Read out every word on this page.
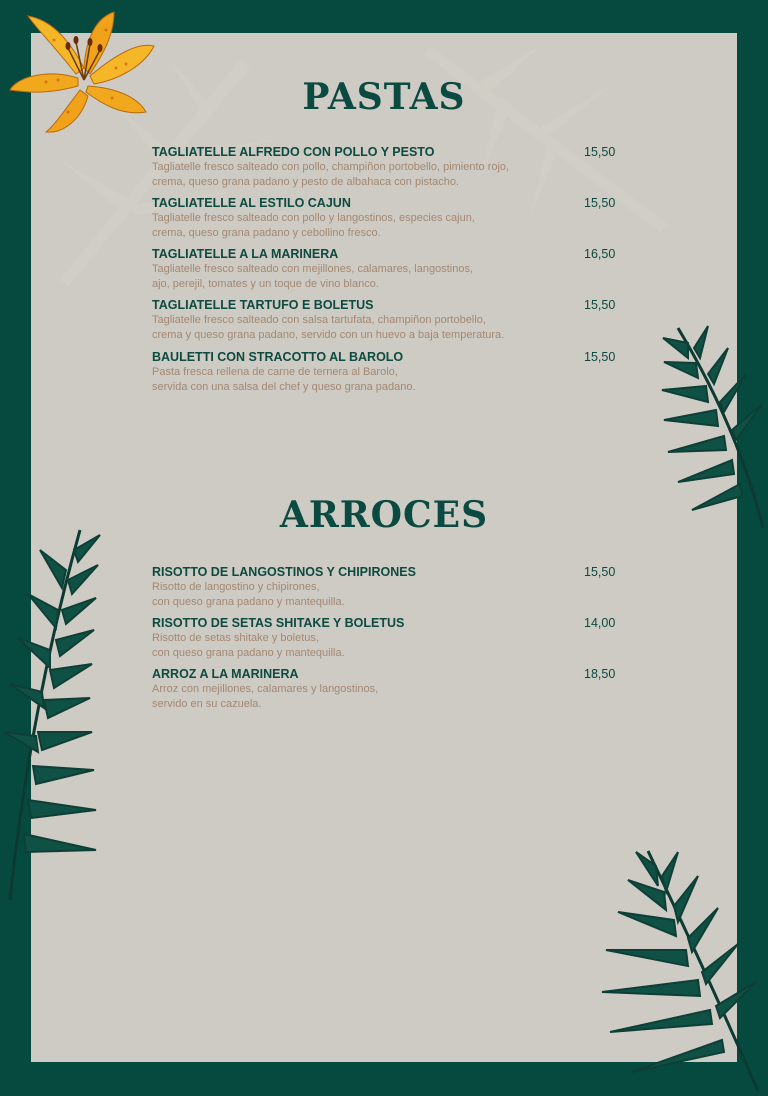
PASTAS
TAGLIATELLE ALFREDO CON POLLO Y PESTO
Tagliatelle fresco salteado con pollo, champiñon portobello, pimiento rojo,
crema, queso grana padano y pesto de albahaca con pistacho.
15,50
TAGLIATELLE AL ESTILO CAJUN
Tagliatelle fresco salteado con pollo y langostinos, especies cajun,
crema, queso grana padano y cebollino fresco.
15,50
TAGLIATELLE A LA MARINERA
Tagliatelle fresco salteado con mejillones, calamares, langostinos,
ajo, perejil, tomates y un toque de vino blanco.
16,50
TAGLIATELLE TARTUFO E BOLETUS
Tagliatelle fresco salteado con salsa tartufata, champiñon portobello,
crema y queso grana padano, servido con un huevo a baja temperatura.
15,50
BAULETTI CON STRACOTTO AL BAROLO
Pasta fresca rellena de carne de ternera al Barolo,
servida con una salsa del chef y queso grana padano.
15,50
ARROCES
RISOTTO DE LANGOSTINOS Y CHIPIRONES
Risotto de langostino y chipirones,
con queso grana padano y mantequilla.
15,50
RISOTTO DE SETAS SHITAKE Y BOLETUS
Risotto de setas shitake y boletus,
con queso grana padano y mantequilla.
14,00
ARROZ A LA MARINERA
Arroz con mejillones, calamares y langostinos,
servido en su cazuela.
18,50
